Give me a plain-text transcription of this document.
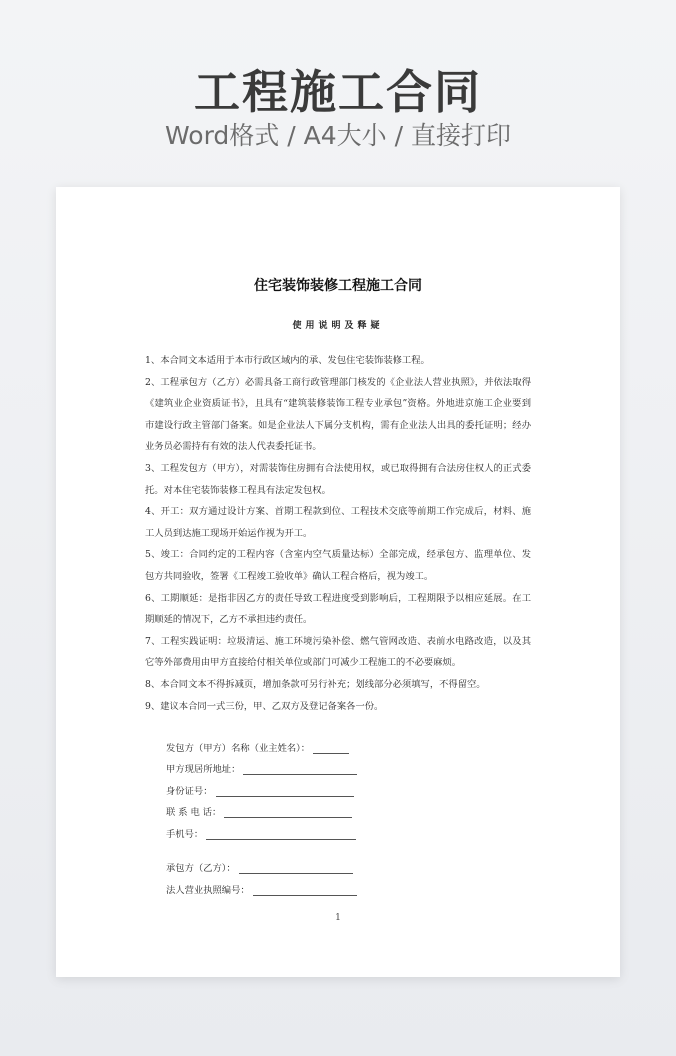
工程施工合同
Word格式 / A4大小 / 直接打印
住宅装饰装修工程施工合同
使用说明及释疑

1、本合同文本适用于本市行政区域内的承、发包住宅装饰装修工程。

2、工程承包方（乙方）必需具备工商行政管理部门核发的《企业法人营业执照》，并依法取得《建筑业企业资质证书》，且具有“建筑装修装饰工程专业承包”资格。外地进京施工企业要到市建设行政主管部门备案。如是企业法人下属分支机构，需有企业法人出具的委托证明；经办业务员必需持有有效的法人代表委托证书。

3、工程发包方（甲方），对需装饰住房拥有合法使用权，或已取得拥有合法房住权人的正式委托。对本住宅装饰装修工程具有法定发包权。

4、开工：双方通过设计方案、首期工程款到位、工程技术交底等前期工作完成后，材料、施工人员到达施工现场开始运作视为开工。

5、竣工：合同约定的工程内容（含室内空气质量达标）全部完成，经承包方、监理单位、发包方共同验收，签署《工程竣工验收单》确认工程合格后，视为竣工。

6、工期顺延：是指非因乙方的责任导致工程进度受到影响后，工程期限予以相应延展。在工期顺延的情况下，乙方不承担违约责任。

7、工程实践证明：垃圾清运、施工环境污染补偿、燃气管网改造、表前水电路改造，以及其它等外部费用由甲方直接给付相关单位或部门可减少工程施工的不必要麻烦。

8、本合同文本不得拆减页，增加条款可另行补充；划线部分必须填写，不得留空。

9、建议本合同一式三份，甲、乙双方及登记备案各一份。

发包方（甲方）名称（业主姓名）：
甲方现居所地址：
身份证号：
联 系 电 话：
手机号：
承包方（乙方）：
法人营业执照编号：
1
